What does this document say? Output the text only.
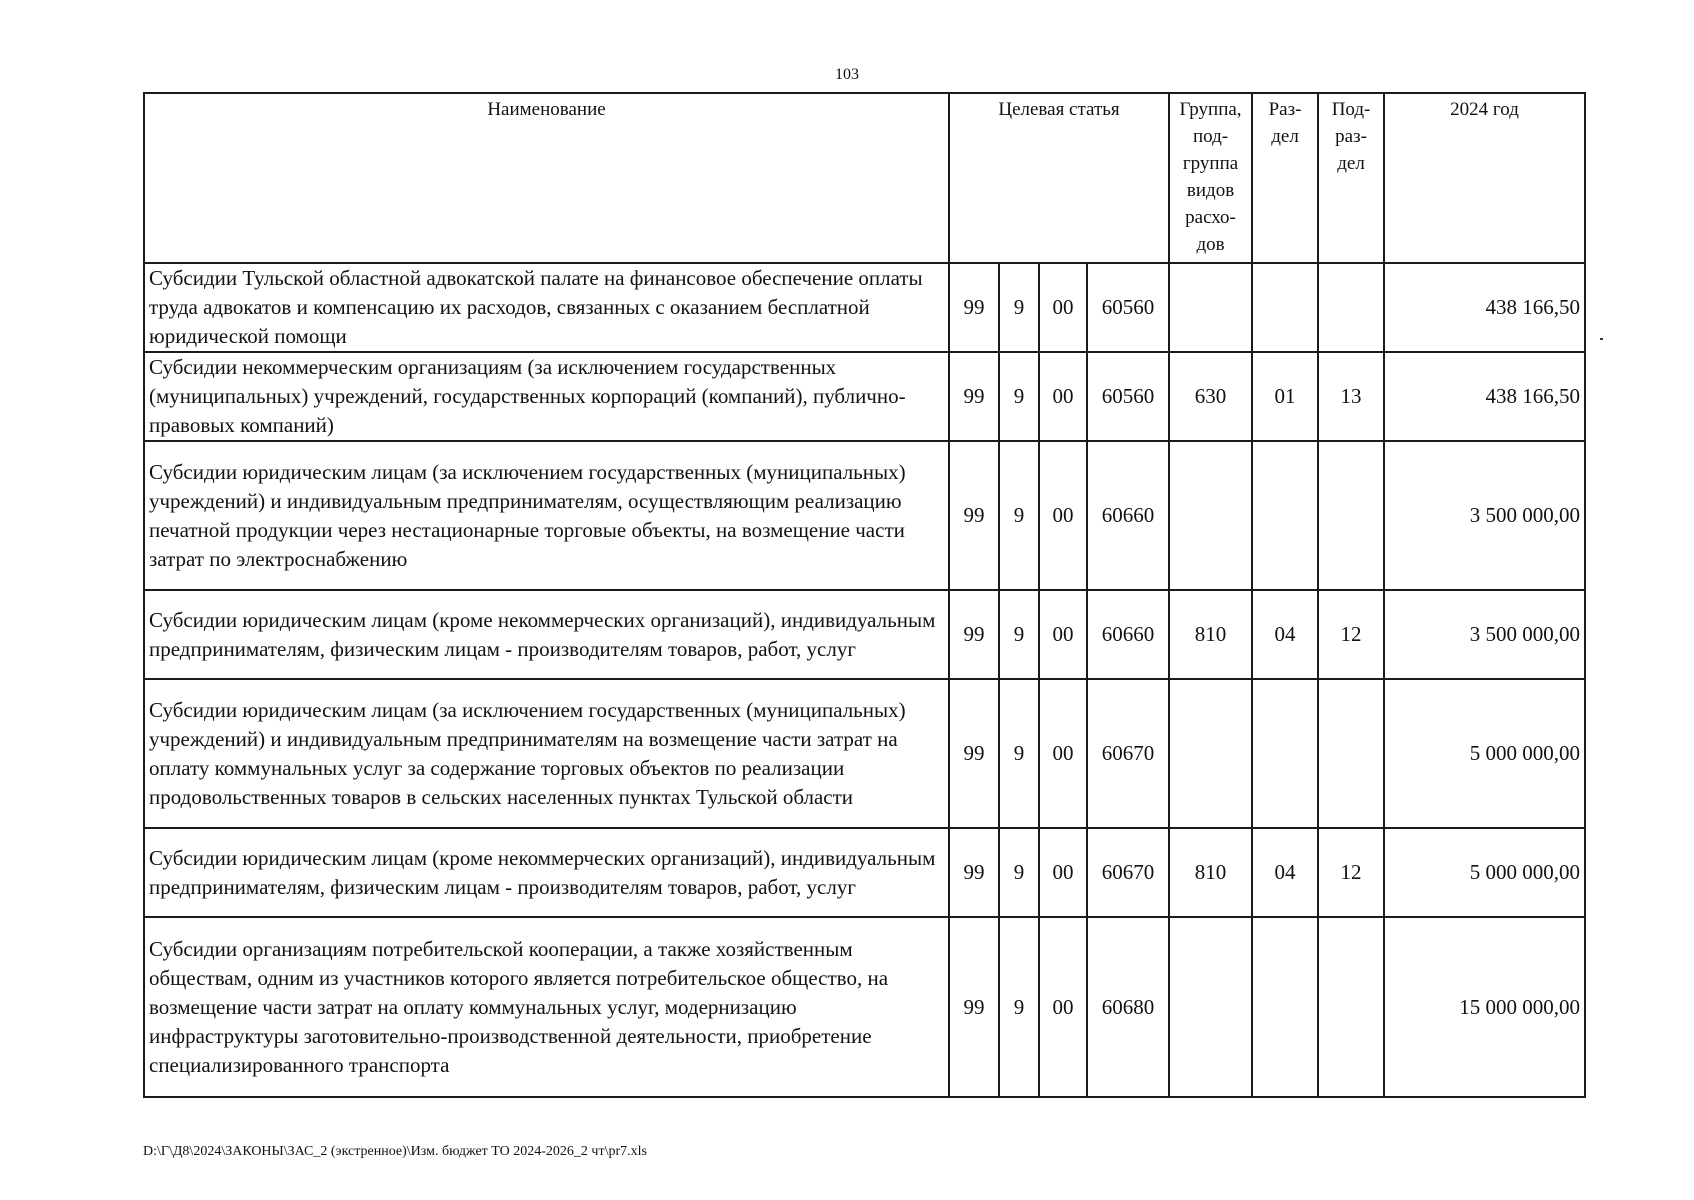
103
Наименование	Целевая статья				Группа, под-группа видов расхо-дов	Раз-дел	Под-раз-дел	2024 год
Субсидии Тульской областной адвокатской палате на финансовое обеспечение оплаты труда адвокатов и компенсацию их расходов, связанных с оказанием бесплатной юридической помощи	99	9	00	60560				438 166,50
Субсидии некоммерческим организациям (за исключением государственных (муниципальных) учреждений, государственных корпораций (компаний), публично-правовых компаний)	99	9	00	60560	630	01	13	438 166,50
Субсидии юридическим лицам (за исключением государственных (муниципальных) учреждений) и индивидуальным предпринимателям, осуществляющим реализацию печатной продукции через нестационарные торговые объекты, на возмещение части затрат по электроснабжению	99	9	00	60660				3 500 000,00
Субсидии юридическим лицам (кроме некоммерческих организаций), индивидуальным предпринимателям, физическим лицам - производителям товаров, работ, услуг	99	9	00	60660	810	04	12	3 500 000,00
Субсидии юридическим лицам (за исключением государственных (муниципальных) учреждений) и индивидуальным предпринимателям на возмещение части затрат на оплату коммунальных услуг за содержание торговых объектов по реализации продовольственных товаров в сельских населенных пунктах Тульской области	99	9	00	60670				5 000 000,00
Субсидии юридическим лицам (кроме некоммерческих организаций), индивидуальным предпринимателям, физическим лицам - производителям товаров, работ, услуг	99	9	00	60670	810	04	12	5 000 000,00
Субсидии организациям потребительской кооперации, а также хозяйственным обществам, одним из участников которого является потребительское общество, на возмещение части затрат на оплату коммунальных услуг, модернизацию инфраструктуры заготовительно-производственной деятельности, приобретение специализированного транспорта	99	9	00	60680				15 000 000,00
D:\Г\Д8\2024\ЗАКОНЫ\ЗАС_2 (экстренное)\Изм. бюджет ТО 2024-2026_2 чт\pr7.xls
